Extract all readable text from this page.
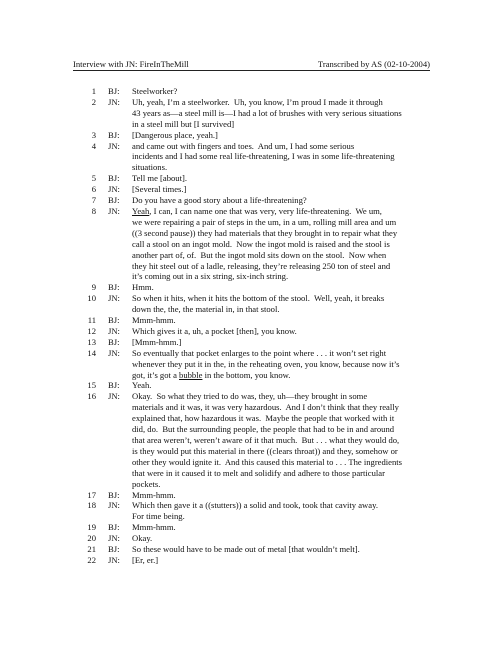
Interview with JN: FireInTheMill	Transcribed by AS (02-10-2004)
1 BJ:	Steelworker?
2 JN:	Uh, yeah, I’m a steelworker.  Uh, you know, I’m proud I made it through
43 years as—a steel mill is—I had a lot of brushes with very serious situations
in a steel mill but [I survived]
3 BJ:	[Dangerous place, yeah.]
4 JN:	and came out with fingers and toes.  And um, I had some serious
incidents and I had some real life-threatening, I was in some life-threatening
situations.
5 BJ:	Tell me [about].
6 JN:	[Several times.]
7 BJ:	Do you have a good story about a life-threatening?
8 JN:	Yeah, I can, I can name one that was very, very life-threatening.  We um,
we were repairing a pair of steps in the um, in a um, rolling mill area and um
((3 second pause)) they had materials that they brought in to repair what they
call a stool on an ingot mold.  Now the ingot mold is raised and the stool is
another part of, of.  But the ingot mold sits down on the stool.  Now when
they hit steel out of a ladle, releasing, they’re releasing 250 ton of steel and
it’s coming out in a six string, six-inch string.
9 BJ:	Hmm.
10 JN:	So when it hits, when it hits the bottom of the stool.  Well, yeah, it breaks
down the, the, the material in, in that stool.
11 BJ:	Mmm-hmm.
12 JN:	Which gives it a, uh, a pocket [then], you know.
13 BJ:	[Mmm-hmm.]
14 JN:	So eventually that pocket enlarges to the point where . . . it won’t set right
whenever they put it in the, in the reheating oven, you know, because now it’s
got, it’s got a bubble in the bottom, you know.
15 BJ:	Yeah.
16 JN:	Okay.  So what they tried to do was, they, uh—they brought in some
materials and it was, it was very hazardous.  And I don’t think that they really
explained that, how hazardous it was.  Maybe the people that worked with it
did, do.  But the surrounding people, the people that had to be in and around
that area weren’t, weren’t aware of it that much.  But . . . what they would do,
is they would put this material in there ((clears throat)) and they, somehow or
other they would ignite it.  And this caused this material to . . . The ingredients
that were in it caused it to melt and solidify and adhere to those particular
pockets.
17 BJ:	Mmm-hmm.
18 JN:	Which then gave it a ((stutters)) a solid and took, took that cavity away.
For time being.
19 BJ:	Mmm-hmm.
20 JN:	Okay.
21 BJ:	So these would have to be made out of metal [that wouldn’t melt].
22 JN:	[Er, er.]
